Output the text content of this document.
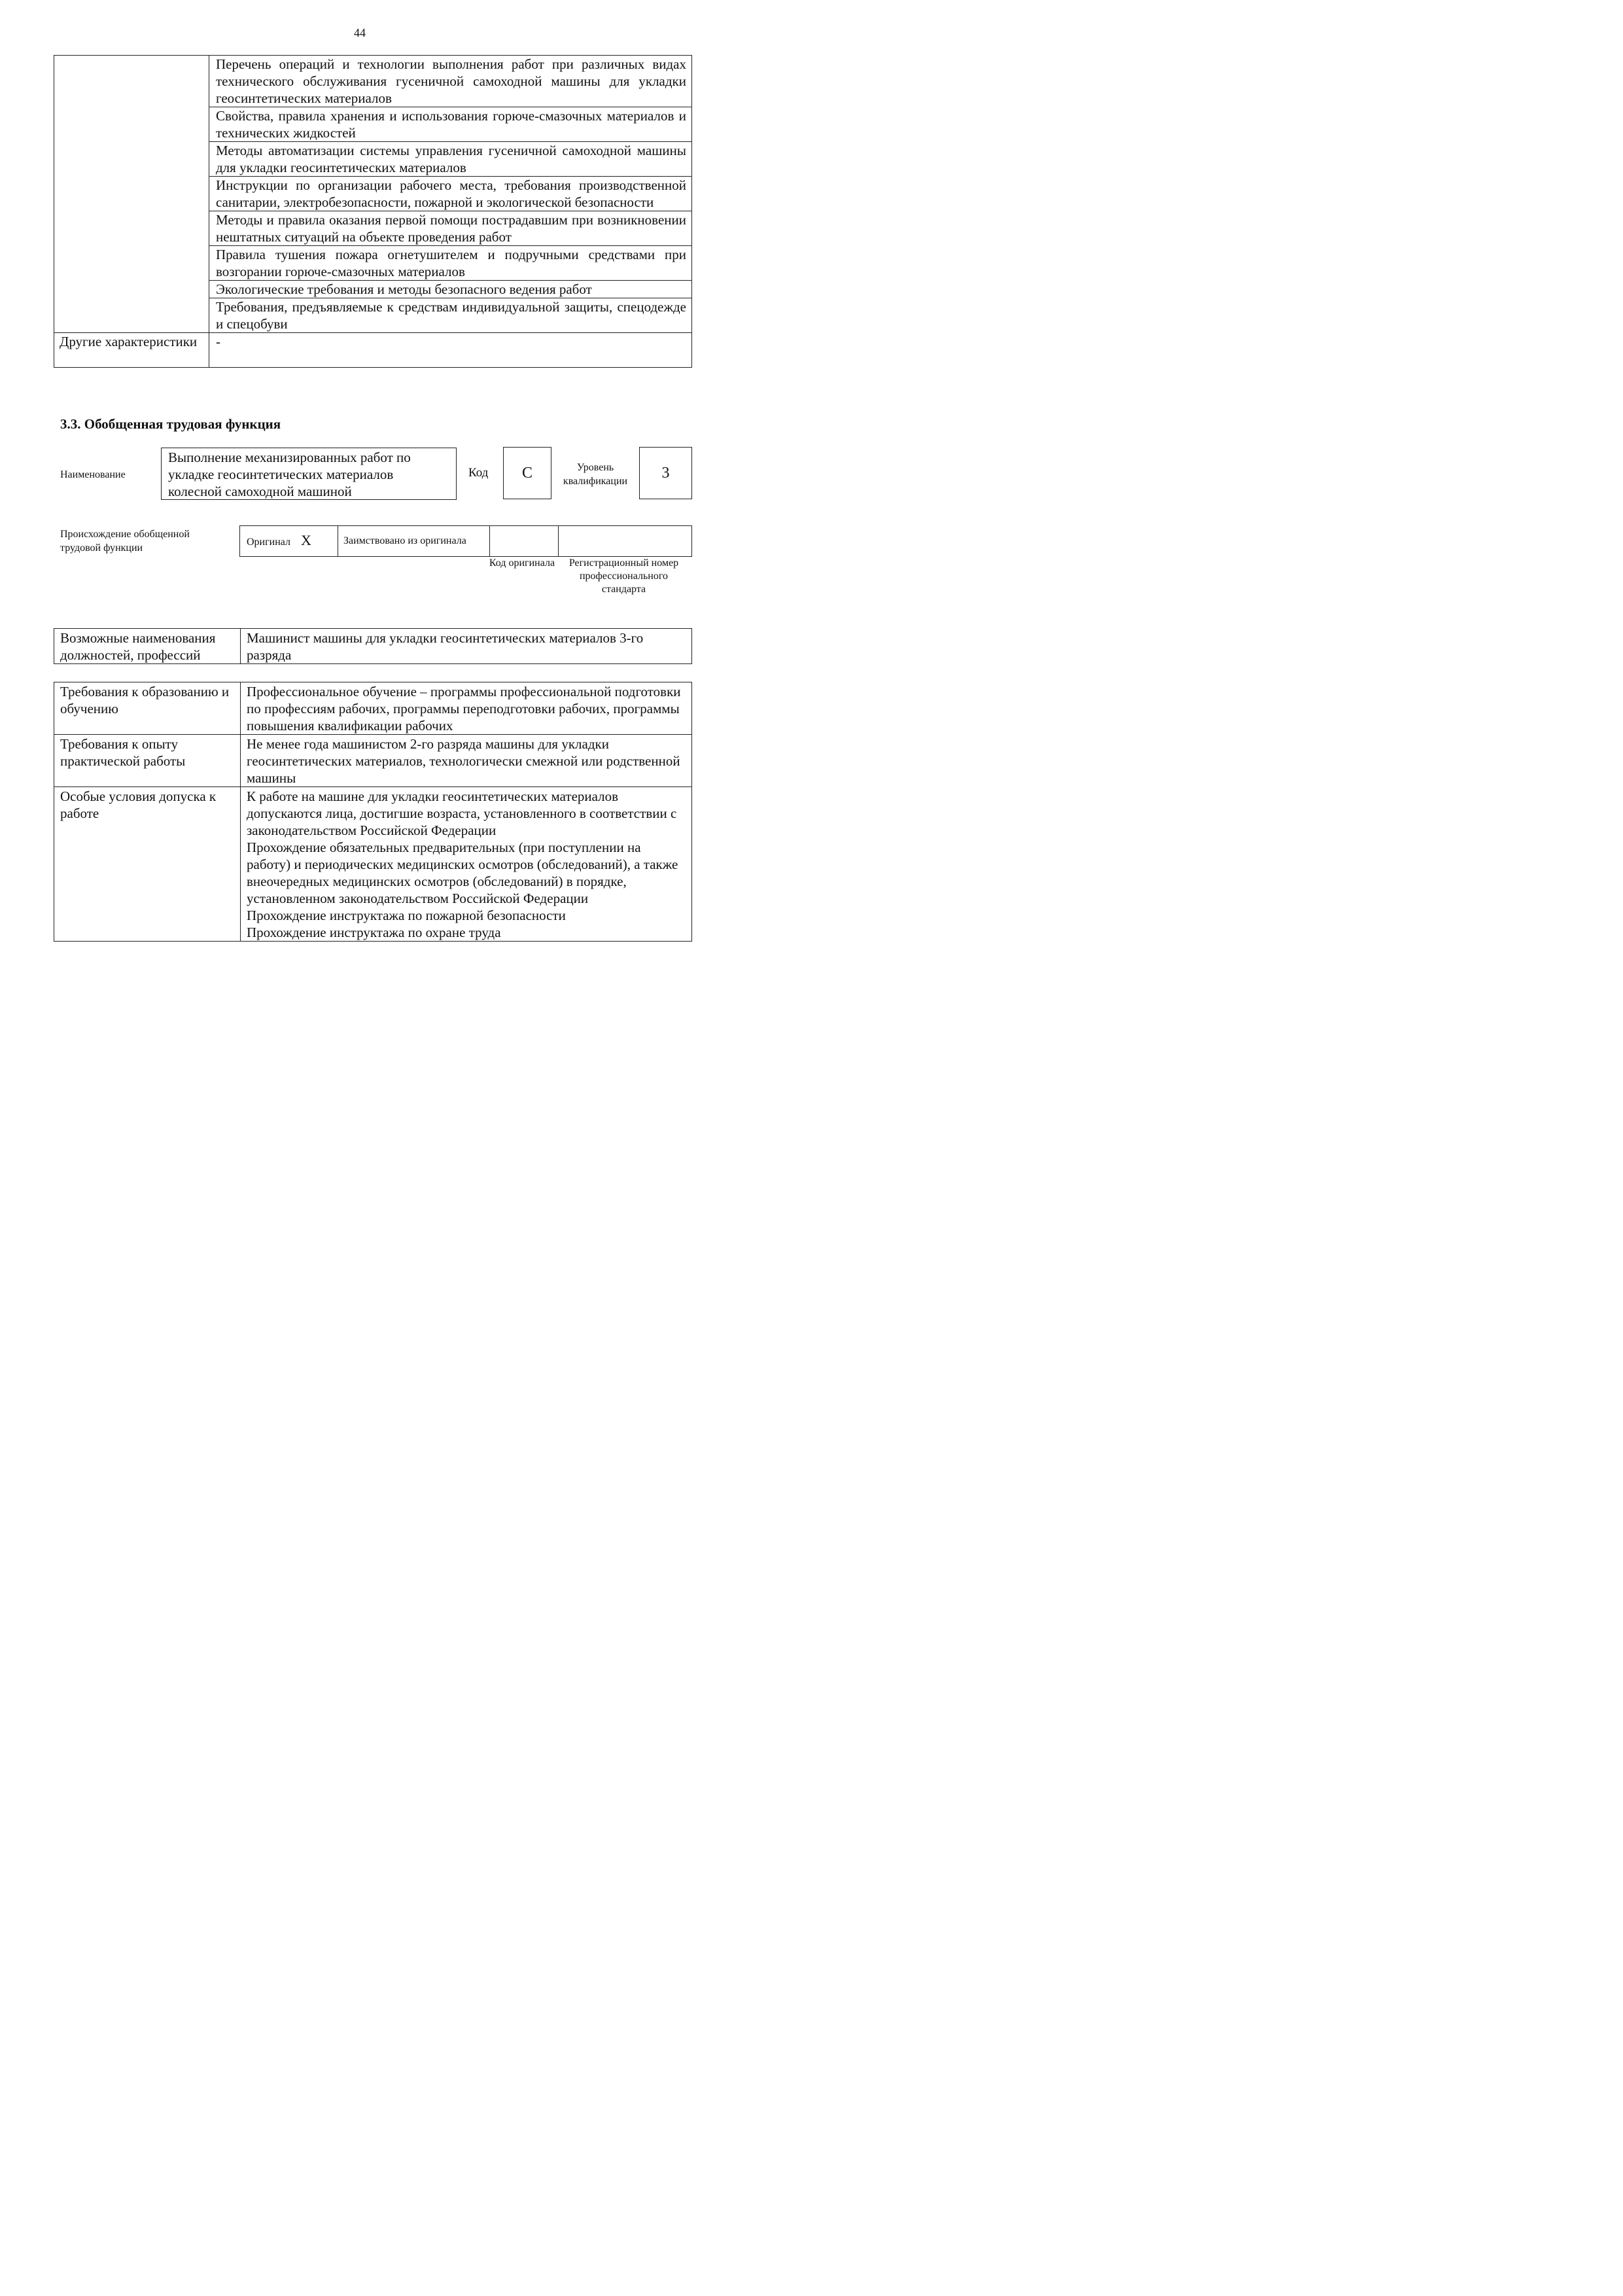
44
	Перечень операций и технологии выполнения работ при различных видах технического обслуживания гусеничной самоходной машины для укладки геосинтетических материалов
	Свойства, правила хранения и использования горюче-смазочных материалов и технических жидкостей
	Методы автоматизации системы управления гусеничной самоходной машины для укладки геосинтетических материалов
	Инструкции по организации рабочего места, требования производственной санитарии, электробезопасности, пожарной и экологической безопасности
	Методы и правила оказания первой помощи пострадавшим при возникновении нештатных ситуаций на объекте проведения работ
	Правила тушения пожара огнетушителем и подручными средствами при возгорании горюче-смазочных материалов
	Экологические требования и методы безопасного ведения работ
	Требования, предъявляемые к средствам индивидуальной защиты, спецодежде и спецобуви
Другие характеристики	-
3.3. Обобщенная трудовая функция
Наименование
Выполнение механизированных работ по укладке геосинтетических материалов колесной самоходной машиной
Код	C	Уровень квалификации	3
Происхождение обобщенной трудовой функции
Оригинал X	Заимствовано из оригинала		
Код оригинала	Регистрационный номер профессионального стандарта
Возможные наименования должностей, профессий	Машинист машины для укладки геосинтетических материалов 3-го разряда
Требования к образованию и обучению	Профессиональное обучение – программы профессиональной подготовки по профессиям рабочих, программы переподготовки рабочих, программы повышения квалификации рабочих
Требования к опыту практической работы	Не менее года машинистом 2-го разряда машины для укладки геосинтетических материалов, технологически смежной или родственной машины
Особые условия допуска к работе	К работе на машине для укладки геосинтетических материалов допускаются лица, достигшие возраста, установленного в соответствии с законодательством Российской Федерации
Прохождение обязательных предварительных (при поступлении на работу) и периодических медицинских осмотров (обследований), а также внеочередных медицинских осмотров (обследований) в порядке, установленном законодательством Российской Федерации
Прохождение инструктажа по пожарной безопасности
Прохождение инструктажа по охране труда
